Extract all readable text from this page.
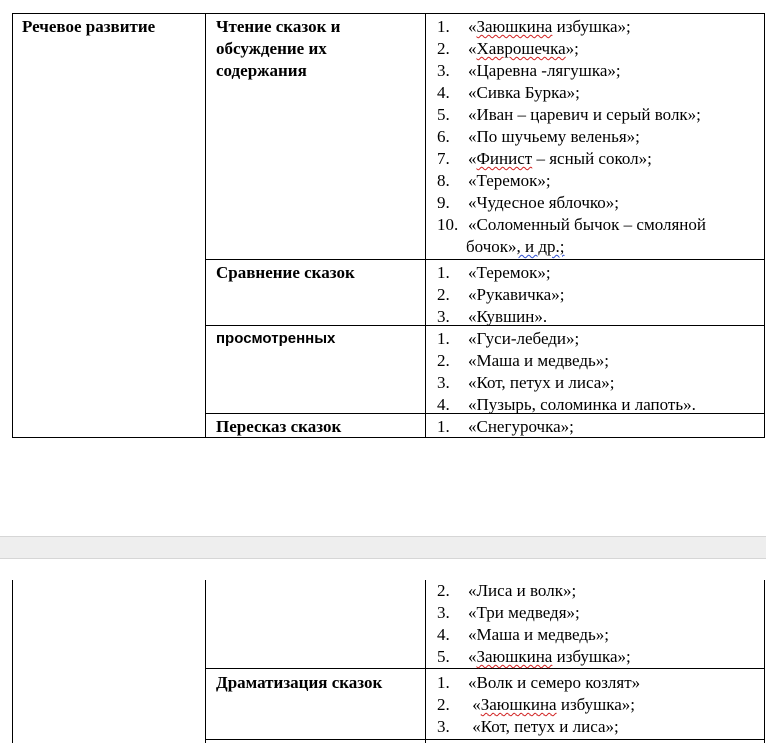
Речевое развитие	Чтение сказок и обсуждение их содержания
1. «Заюшкина избушка»;
2. «Хаврошечка»;
3. «Царевна -лягушка»;
4. «Сивка Бурка»;
5. «Иван – царевич и серый волк»;
6. «По шучьему веленья»;
7. «Финист – ясный сокол»;
8. «Теремок»;
9. «Чудесное яблочко»;
10. «Соломенный бычок – смоляной
бочок», и др.;
Сравнение сказок	1. «Теремок»;
2. «Рукавичка»;
3. «Кувшин».
просмотренных	1. «Гуси-лебеди»;
2. «Маша и медведь»;
3. «Кот, петух и лиса»;
4. «Пузырь, соломинка и лапоть».
Пересказ сказок	1. «Снегурочка»;
2. «Лиса и волк»;
3. «Три медведя»;
4. «Маша и медведь»;
5. «Заюшкина избушка»;
Драматизация сказок	1. «Волк и семеро козлят»
2. «Заюшкина избушка»;
3. «Кот, петух и лиса»;
